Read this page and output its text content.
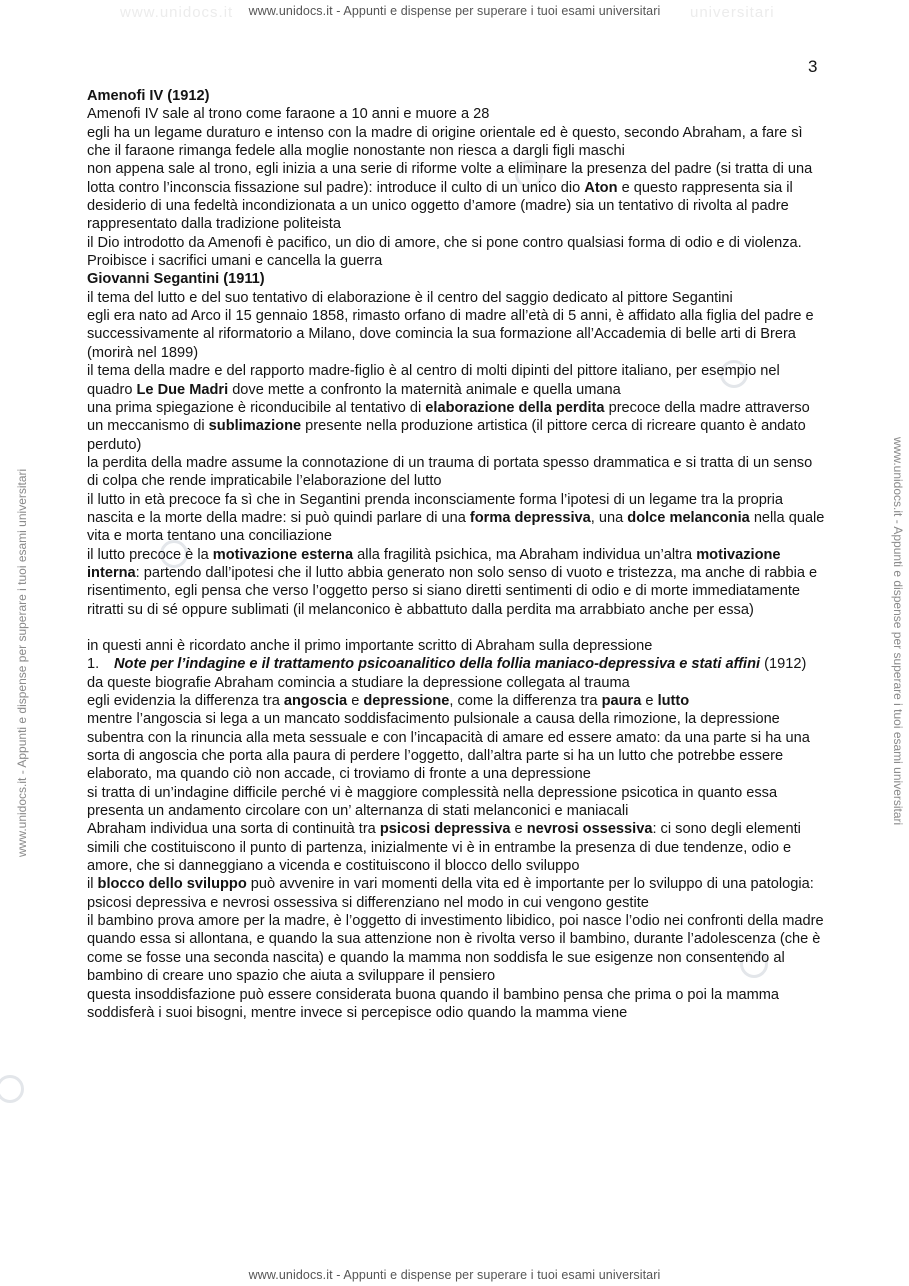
www.unidocs.it - Appunti e dispense per superare i tuoi esami universitari
www.unidocs.it - Appunti e dispense per superare i tuoi esami universitari
www.unidocs.it - Appunti e dispense per superare i tuoi esami universitari	www.unidocs.it - Appunti e dispense per superare i tuoi esami universitari
www.unidocs.it	universitari
3

Amenofi IV (1912)

Amenofi IV sale al trono come faraone a 10 anni e muore a 28

egli ha un legame duraturo e intenso con la madre di origine orientale ed è questo, secondo Abraham, a fare sì che il faraone rimanga fedele alla moglie nonostante non riesca a dargli figli maschi

non appena sale al trono, egli inizia a una serie di riforme volte a eliminare la presenza del padre (si tratta di una lotta contro l’inconscia fissazione sul padre): introduce il culto di un unico dio Aton e questo rappresenta sia il desiderio di una fedeltà incondizionata a un unico oggetto d’amore (madre) sia un tentativo di rivolta al padre rappresentato dalla tradizione politeista

il Dio introdotto da Amenofi è pacifico, un dio di amore, che si pone contro qualsiasi forma di odio e di violenza. Proibisce i sacrifici umani e cancella la guerra

Giovanni Segantini (1911)

il tema del lutto e del suo tentativo di elaborazione è il centro del saggio dedicato al pittore Segantini

egli era nato ad Arco il 15 gennaio 1858, rimasto orfano di madre all’età di 5 anni, è affidato alla figlia del padre e successivamente al riformatorio a Milano, dove comincia la sua formazione all’Accademia di belle arti di Brera (morirà nel 1899)

il tema della madre e del rapporto madre-figlio è al centro di molti dipinti del pittore italiano, per esempio nel quadro Le Due Madri dove mette a confronto la maternità animale e quella umana

una prima spiegazione è riconducibile al tentativo di elaborazione della perdita precoce della madre attraverso un meccanismo di sublimazione presente nella produzione artistica (il pittore cerca di ricreare quanto è andato perduto)

la perdita della madre assume la connotazione di un trauma di portata spesso drammatica e si tratta di un senso di colpa che rende impraticabile l’elaborazione del lutto

il lutto in età precoce fa sì che in Segantini prenda inconsciamente forma l’ipotesi di un legame tra la propria nascita e la morte della madre: si può quindi parlare di una forma depressiva, una dolce melanconia nella quale vita e morta tentano una conciliazione

il lutto precoce è la motivazione esterna alla fragilità psichica, ma Abraham individua un’altra motivazione interna: partendo dall’ipotesi che il lutto abbia generato non solo senso di vuoto e tristezza, ma anche di rabbia e risentimento, egli pensa che verso l’oggetto perso si siano diretti sentimenti di odio e di morte immediatamente ritratti su di sé oppure sublimati (il melanconico è abbattuto dalla perdita ma arrabbiato anche per essa)

in questi anni è ricordato anche il primo importante scritto di Abraham sulla depressione

1.	Note per l’indagine e il trattamento psicoanalitico della follia maniaco-depressiva e stati affini (1912)

da queste biografie Abraham comincia a studiare la depressione collegata al trauma

egli evidenzia la differenza tra angoscia e depressione, come la differenza tra paura e lutto

mentre l’angoscia si lega a un mancato soddisfacimento pulsionale a causa della rimozione, la depressione subentra con la rinuncia alla meta sessuale e con l’incapacità di amare ed essere amato: da una parte si ha una sorta di angoscia che porta alla paura di perdere l’oggetto, dall’altra parte si ha un lutto che potrebbe essere elaborato, ma quando ciò non accade, ci troviamo di fronte a una depressione

si tratta di un’indagine difficile perché vi è maggiore complessità nella depressione psicotica in quanto essa presenta un andamento circolare con un’ alternanza di stati melanconici e maniacali

Abraham individua una sorta di continuità tra psicosi depressiva e nevrosi ossessiva: ci sono degli elementi simili che costituiscono il punto di partenza, inizialmente vi è in entrambe la presenza di due tendenze, odio e amore, che si danneggiano a vicenda e costituiscono il blocco dello sviluppo

il blocco dello sviluppo può avvenire in vari momenti della vita ed è importante per lo sviluppo di una patologia: psicosi depressiva e nevrosi ossessiva si differenziano nel modo in cui vengono gestite

il bambino prova amore per la madre, è l’oggetto di investimento libidico, poi nasce l’odio nei confronti della madre quando essa si allontana, e quando la sua attenzione non è rivolta verso il bambino, durante l’adolescenza (che è come se fosse una seconda nascita) e quando la mamma non soddisfa le sue esigenze non consentendo al bambino di creare uno spazio che aiuta a sviluppare il pensiero

questa insoddisfazione può essere considerata buona quando il bambino pensa che prima o poi la mamma soddisferà i suoi bisogni, mentre invece si percepisce odio quando la mamma viene
